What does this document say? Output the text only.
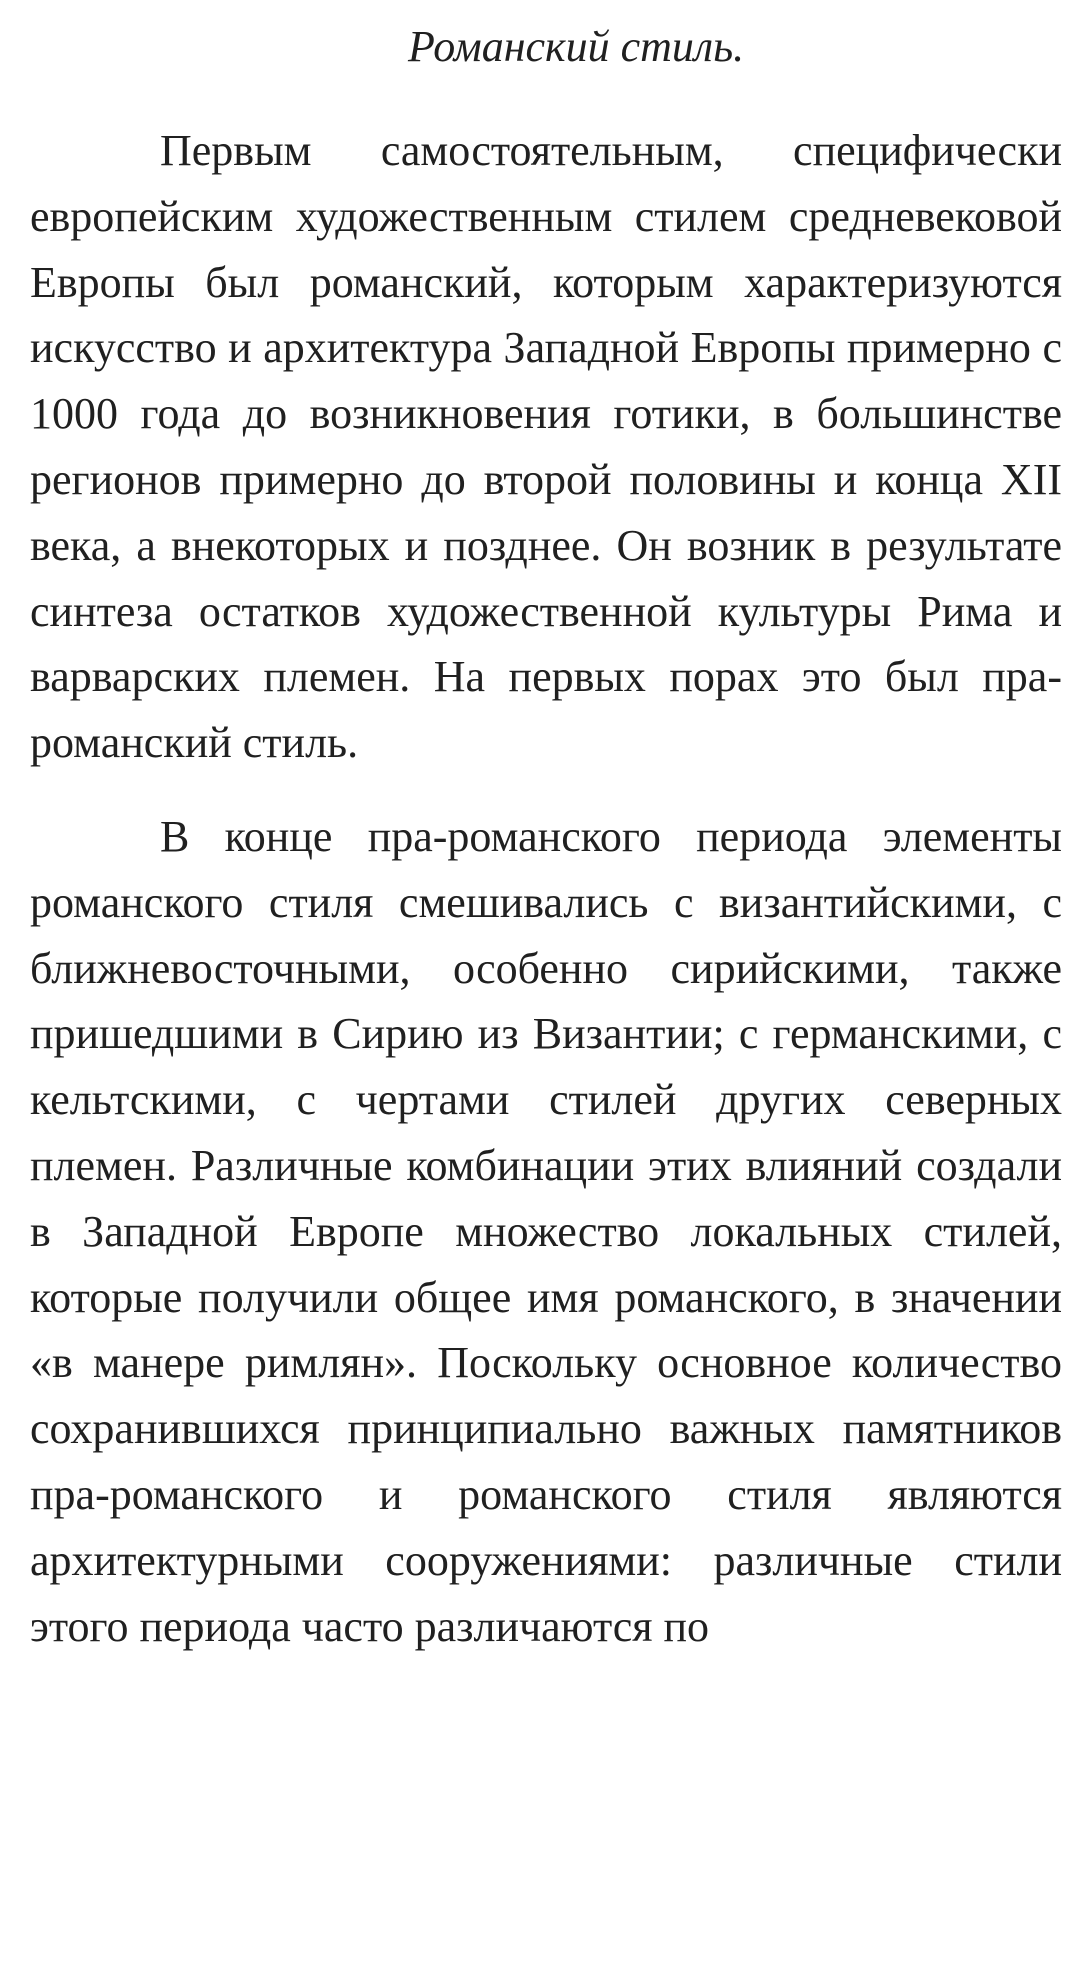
Романский стиль.

Первым самостоятельным, специфически европейским художественным стилем средневековой Европы был романский, которым характеризуются искусство и архитектура Западной Европы примерно с 1000 года до возникновения готики, в большинстве регионов примерно до второй половины и конца XII века, а внекоторых и позднее. Он возник в результате синтеза остатков художественной культуры Рима и варварских племен. На первых порах это был пра-романский стиль.

В конце пра-романского периода элементы романского стиля смешивались с византийскими, с ближневосточными, особенно сирийскими, также пришедшими в Сирию из Византии; с германскими, с кельтскими, с чертами стилей других северных племен. Различные комбинации этих влияний создали в Западной Европе множество локальных стилей, которые получили общее имя романского, в значении «в манере римлян». Поскольку основное количество сохранившихся принципиально важных памятников пра-романского и романского стиля являются архитектурными сооружениями: различные стили этого периода часто различаются по
